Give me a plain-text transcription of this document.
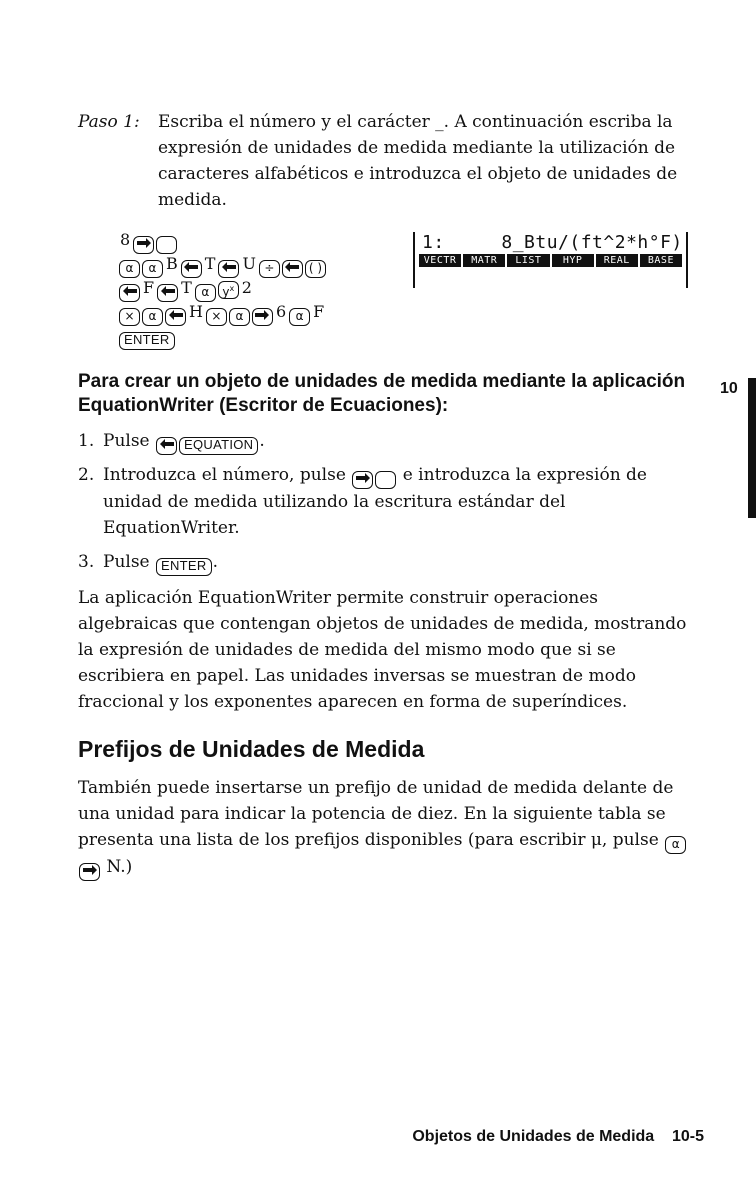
Paso 1: Escriba el número y el carácter _. A continuación escriba la expresión de unidades de medida mediante la utilización de caracteres alfabéticos e introduzca el objeto de unidades de medida.
8
α α B T U ÷	( )
F T α $y^x$ 2
× α H × α 6 α F
ENTER
1:     8_Btu/(ft^2*h°F)
VECTR	MATR	LIST	HYP	REAL	BASE
Para crear un objeto de unidades de medida mediante la aplicación EquationWriter (Escritor de Ecuaciones):
10
1. Pulse	EQUATION .
2. Introduzca el número, pulse	e introduzca la expresión de unidad de medida utilizando la escritura estándar del EquationWriter.
3. Pulse ENTER .
La aplicación EquationWriter permite construir operaciones algebraicas que contengan objetos de unidades de medida, mostrando la expresión de unidades de medida del mismo modo que si se escribiera en papel. Las unidades inversas se muestran de modo fraccional y los exponentes aparecen en forma de superíndices.
Prefijos de Unidades de Medida
También puede insertarse un prefijo de unidad de medida delante de una unidad para indicar la potencia de diez. En la siguiente tabla se presenta una lista de los prefijos disponibles (para escribir μ, pulse α  N.)
Objetos de Unidades de Medida 10-5
